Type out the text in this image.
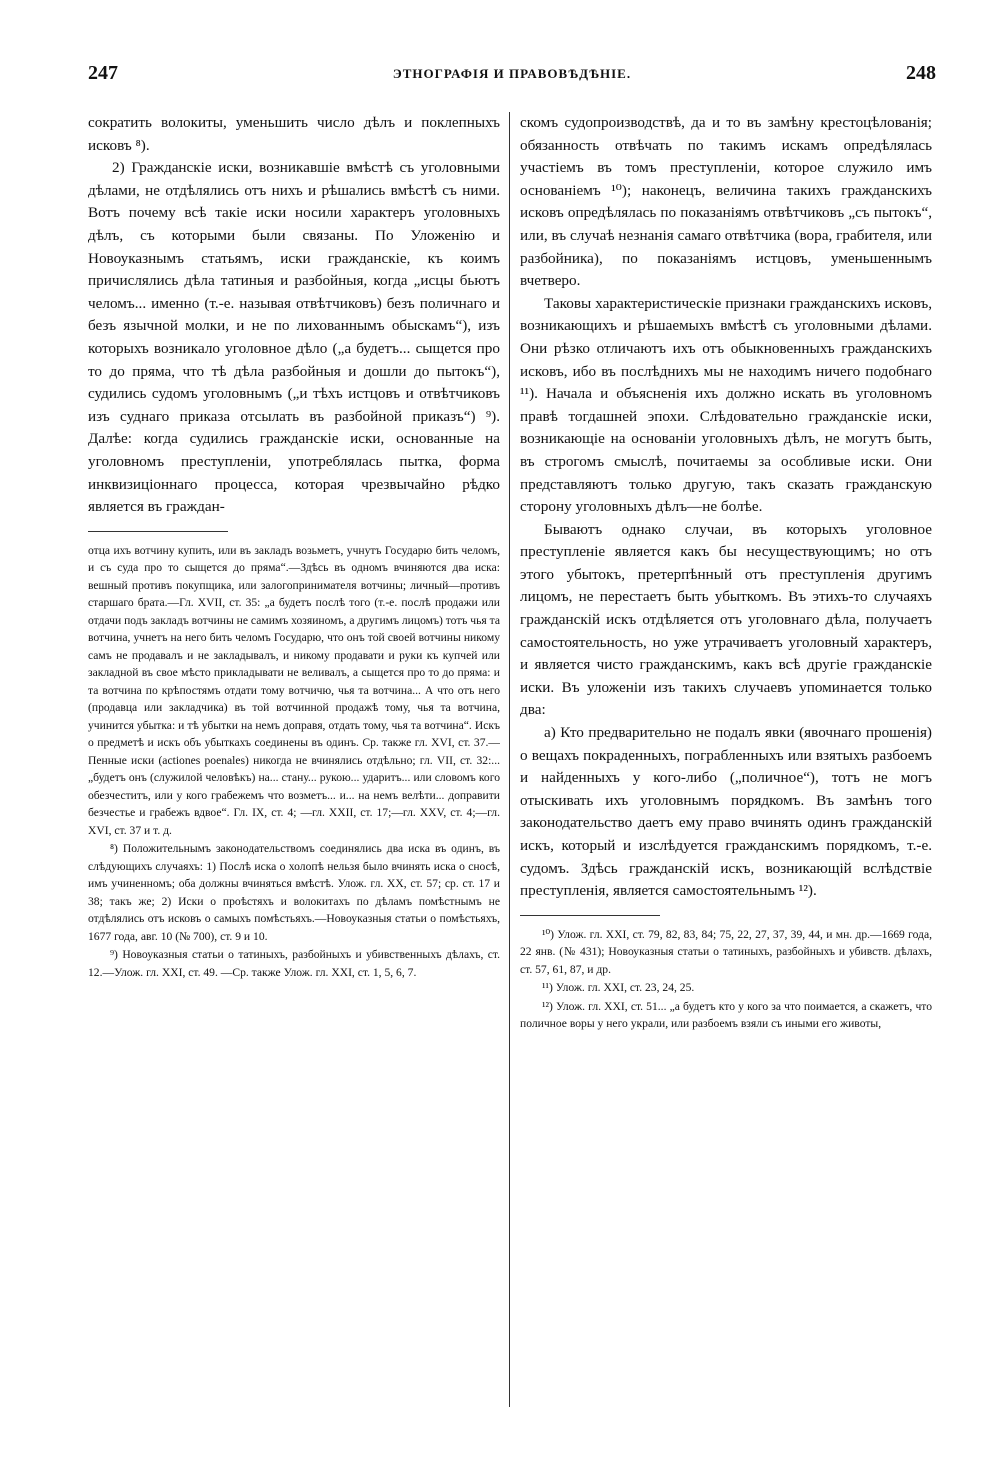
247	ЭТНОГРАФІЯ И ПРАВОВѢДѢНІЕ.	248

сократить волокиты, уменьшить число дѣлъ и поклепныхъ исковъ ⁸).

2) Гражданскіе иски, возникавшіе вмѣстѣ съ уголовными дѣлами, не отдѣлялись отъ нихъ и рѣшались вмѣстѣ съ ними. Вотъ почему всѣ такіе иски носили характеръ уголовныхъ дѣлъ, съ которыми были связаны. По Уложенію и Новоуказнымъ статьямъ, иски гражданскіе, къ коимъ причислялись дѣла татиныя и разбойныя, когда „исцы бьютъ челомъ... именно (т.-е. называя отвѣтчиковъ) безъ поличнаго и безъ язычной молки, и не по лихованнымъ обыскамъ“), изъ которыхъ возникало уголовное дѣло („а будетъ... сыщется про то до пряма, что тѣ дѣла разбойныя и дошли до пытокъ“), судились судомъ уголовнымъ („и тѣхъ истцовъ и отвѣтчиковъ изъ суднаго приказа отсылать въ разбойной приказъ“) ⁹). Далѣе: когда судились гражданскіе иски, основанные на уголовномъ преступленіи, употреблялась пытка, форма инквизиціоннаго процесса, которая чрезвычайно рѣдко является въ граждан-

отца ихъ вотчину купить, или въ закладъ возьметъ, учнутъ Государю бить челомъ, и съ суда про то сыщется до пряма“.—Здѣсь въ одномъ вчиняются два иска: вешный противъ покупщика, или залогопринимателя вотчины; личный—противъ старшаго брата.—Гл. XVII, ст. 35: „а будетъ послѣ того (т.-е. послѣ продажи или отдачи подъ закладъ вотчины не самимъ хозяиномъ, а другимъ лицомъ) тотъ чья та вотчина, учнетъ на него бить челомъ Государю, что онъ той своей вотчины никому самъ не продавалъ и не закладывалъ, и никому продавати и руки къ купчей или закладной въ свое мѣсто прикладывати не веливалъ, а сыщется про то до пряма: и та вотчина по крѣпостямъ отдати тому вотчичю, чья та вотчина... А что отъ него (продавца или закладчика) въ той вотчинной продажѣ тому, чья та вотчина, учинится убытка: и тѣ убытки на немъ доправя, отдать тому, чья та вотчина“. Искъ о предметѣ и искъ объ убыткахъ соединены въ одинъ. Ср. также гл. XVI, ст. 37.—Пенные иски (actiones poenales) никогда не вчинялись отдѣльно; гл. VII, ст. 32:... „будетъ онъ (служилой человѣкъ) на... стану... рукою... ударитъ... или словомъ кого обезчеститъ, или у кого грабежемъ что возметъ... и... на немъ велѣти... доправити безчестье и грабежъ вдвое“. Гл. IX, ст. 4; —гл. XXII, ст. 17;—гл. XXV, ст. 4;—гл. XVI, ст. 37 и т. д.

⁸) Положительнымъ законодательствомъ соединялись два иска въ одинъ, въ слѣдующихъ случаяхъ: 1) Послѣ иска о холопѣ нельзя было вчинять иска о сносѣ, имъ учиненномъ; оба должны вчиняться вмѣстѣ. Улож. гл. XX, ст. 57; ср. ст. 17 и 38; такъ же; 2) Иски о проѣстяхъ и волокитахъ по дѣламъ помѣстнымъ не отдѣлялись отъ исковъ о самыхъ помѣстьяхъ.—Новоуказныя статьи о помѣстьяхъ, 1677 года, авг. 10 (№ 700), ст. 9 и 10.

⁹) Новоуказныя статьи о татиныхъ, разбойныхъ и убивственныхъ дѣлахъ, ст. 12.—Улож. гл. XXI, ст. 49. —Ср. также Улож. гл. XXI, ст. 1, 5, 6, 7.

скомъ судопроизводствѣ, да и то въ замѣну крестоцѣлованія; обязанность отвѣчать по такимъ искамъ опредѣлялась участіемъ въ томъ преступленіи, которое служило имъ основаніемъ ¹⁰); наконецъ, величина такихъ гражданскихъ исковъ опредѣлялась по показаніямъ отвѣтчиковъ „съ пытокъ“, или, въ случаѣ незнанія самаго отвѣтчика (вора, грабителя, или разбойника), по показаніямъ истцовъ, уменьшеннымъ вчетверо.

Таковы характеристическіе признаки гражданскихъ исковъ, возникающихъ и рѣшаемыхъ вмѣстѣ съ уголовными дѣлами. Они рѣзко отличаютъ ихъ отъ обыкновенныхъ гражданскихъ исковъ, ибо въ послѣднихъ мы не находимъ ничего подобнаго ¹¹). Начала и объясненія ихъ должно искать въ уголовномъ правѣ тогдашней эпохи. Слѣдовательно гражданскіе иски, возникающіе на основаніи уголовныхъ дѣлъ, не могутъ быть, въ строгомъ смыслѣ, почитаемы за особливые иски. Они представляютъ только другую, такъ сказать гражданскую сторону уголовныхъ дѣлъ—не болѣе.

Бываютъ однако случаи, въ которыхъ уголовное преступленіе является какъ бы несуществующимъ; но отъ этого убытокъ, претерпѣнный отъ преступленія другимъ лицомъ, не перестаетъ быть убыткомъ. Въ этихъ-то случаяхъ гражданскій искъ отдѣляется отъ уголовнаго дѣла, получаетъ самостоятельность, но уже утрачиваетъ уголовный характеръ, и является чисто гражданскимъ, какъ всѣ другіе гражданскіе иски. Въ уложеніи изъ такихъ случаевъ упоминается только два:

а) Кто предварительно не подалъ явки (явочнаго прошенія) о вещахъ покраденныхъ, пограбленныхъ или взятыхъ разбоемъ и найденныхъ у кого-либо („поличное“), тотъ не могъ отыскивать ихъ уголовнымъ порядкомъ. Въ замѣнъ того законодательство даетъ ему право вчинять одинъ гражданскій искъ, который и изслѣдуется гражданскимъ порядкомъ, т.-е. судомъ. Здѣсь гражданскій искъ, возникающій вслѣдствіе преступленія, является самостоятельнымъ ¹²).

¹⁰) Улож. гл. XXI, ст. 79, 82, 83, 84; 75, 22, 27, 37, 39, 44, и мн. др.—1669 года, 22 янв. (№ 431); Новоуказныя статьи о татиныхъ, разбойныхъ и убивств. дѣлахъ, ст. 57, 61, 87, и др.

¹¹) Улож. гл. XXI, ст. 23, 24, 25.

¹²) Улож. гл. XXI, ст. 51... „а будетъ кто у кого за что поимается, а скажетъ, что поличное воры у него украли, или разбоемъ взяли съ иными его животы,
